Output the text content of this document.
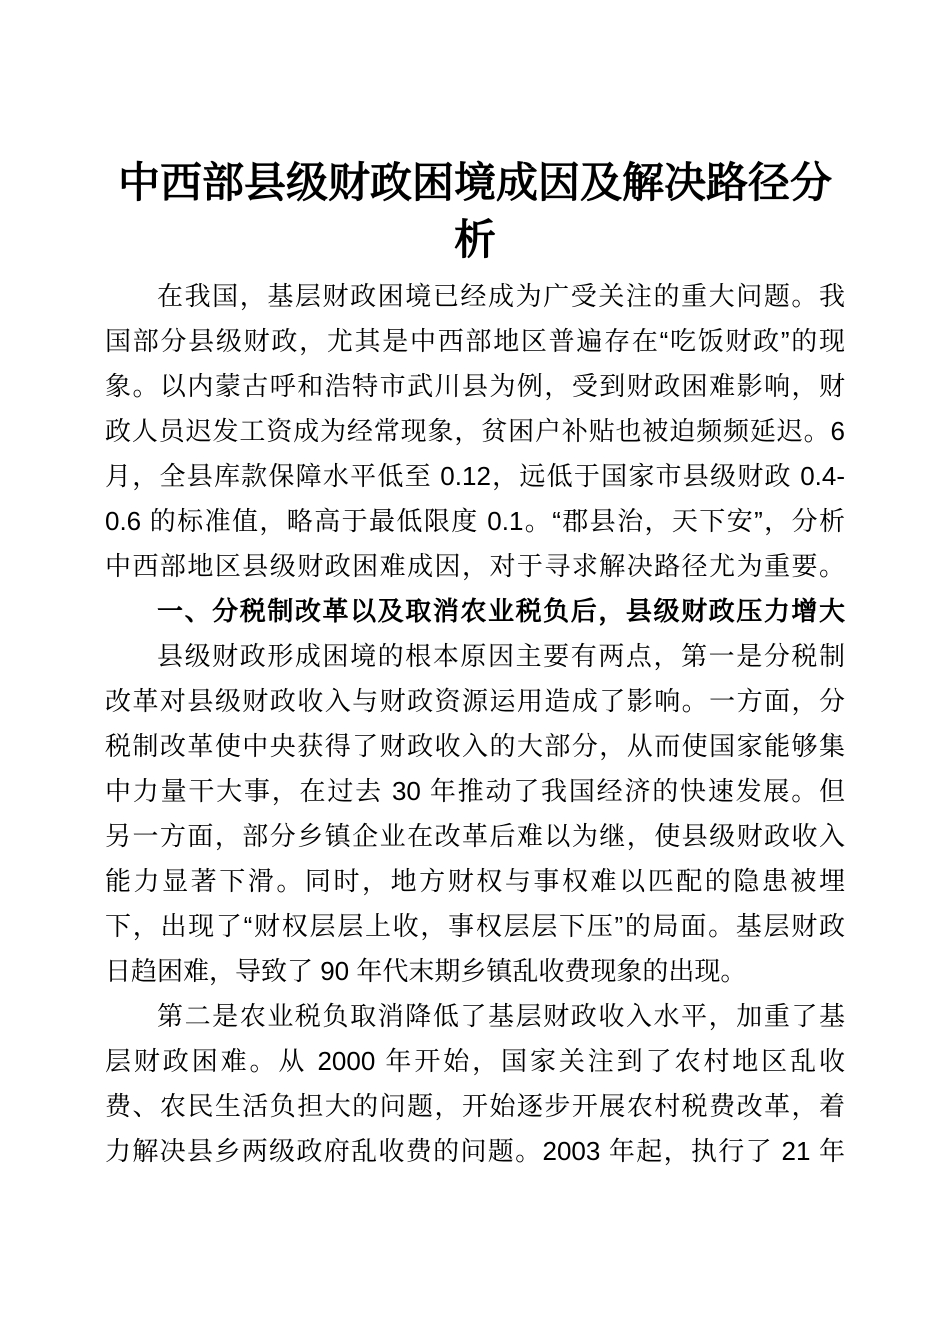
中西部县级财政困境成因及解决路径分
析
在我国，基层财政困境已经成为广受关注的重大问题。我
国部分县级财政，尤其是中西部地区普遍存在“吃饭财政”的现
象。以内蒙古呼和浩特市武川县为例，受到财政困难影响，财
政人员迟发工资成为经常现象，贫困户补贴也被迫频频延迟。6
月，全县库款保障水平低至 0.12，远低于国家市县级财政 0.4-
0.6 的标准值，略高于最低限度 0.1。“郡县治，天下安”，分析
中西部地区县级财政困难成因，对于寻求解决路径尤为重要。
一、分税制改革以及取消农业税负后，县级财政压力增大
县级财政形成困境的根本原因主要有两点，第一是分税制
改革对县级财政收入与财政资源运用造成了影响。一方面，分
税制改革使中央获得了财政收入的大部分，从而使国家能够集
中力量干大事，在过去 30 年推动了我国经济的快速发展。但
另一方面，部分乡镇企业在改革后难以为继，使县级财政收入
能力显著下滑。同时，地方财权与事权难以匹配的隐患被埋
下，出现了“财权层层上收，事权层层下压”的局面。基层财政
日趋困难，导致了 90 年代末期乡镇乱收费现象的出现。
第二是农业税负取消降低了基层财政收入水平，加重了基
层财政困难。从 2000 年开始，国家关注到了农村地区乱收
费、农民生活负担大的问题，开始逐步开展农村税费改革，着
力解决县乡两级政府乱收费的问题。2003 年起，执行了 21 年
